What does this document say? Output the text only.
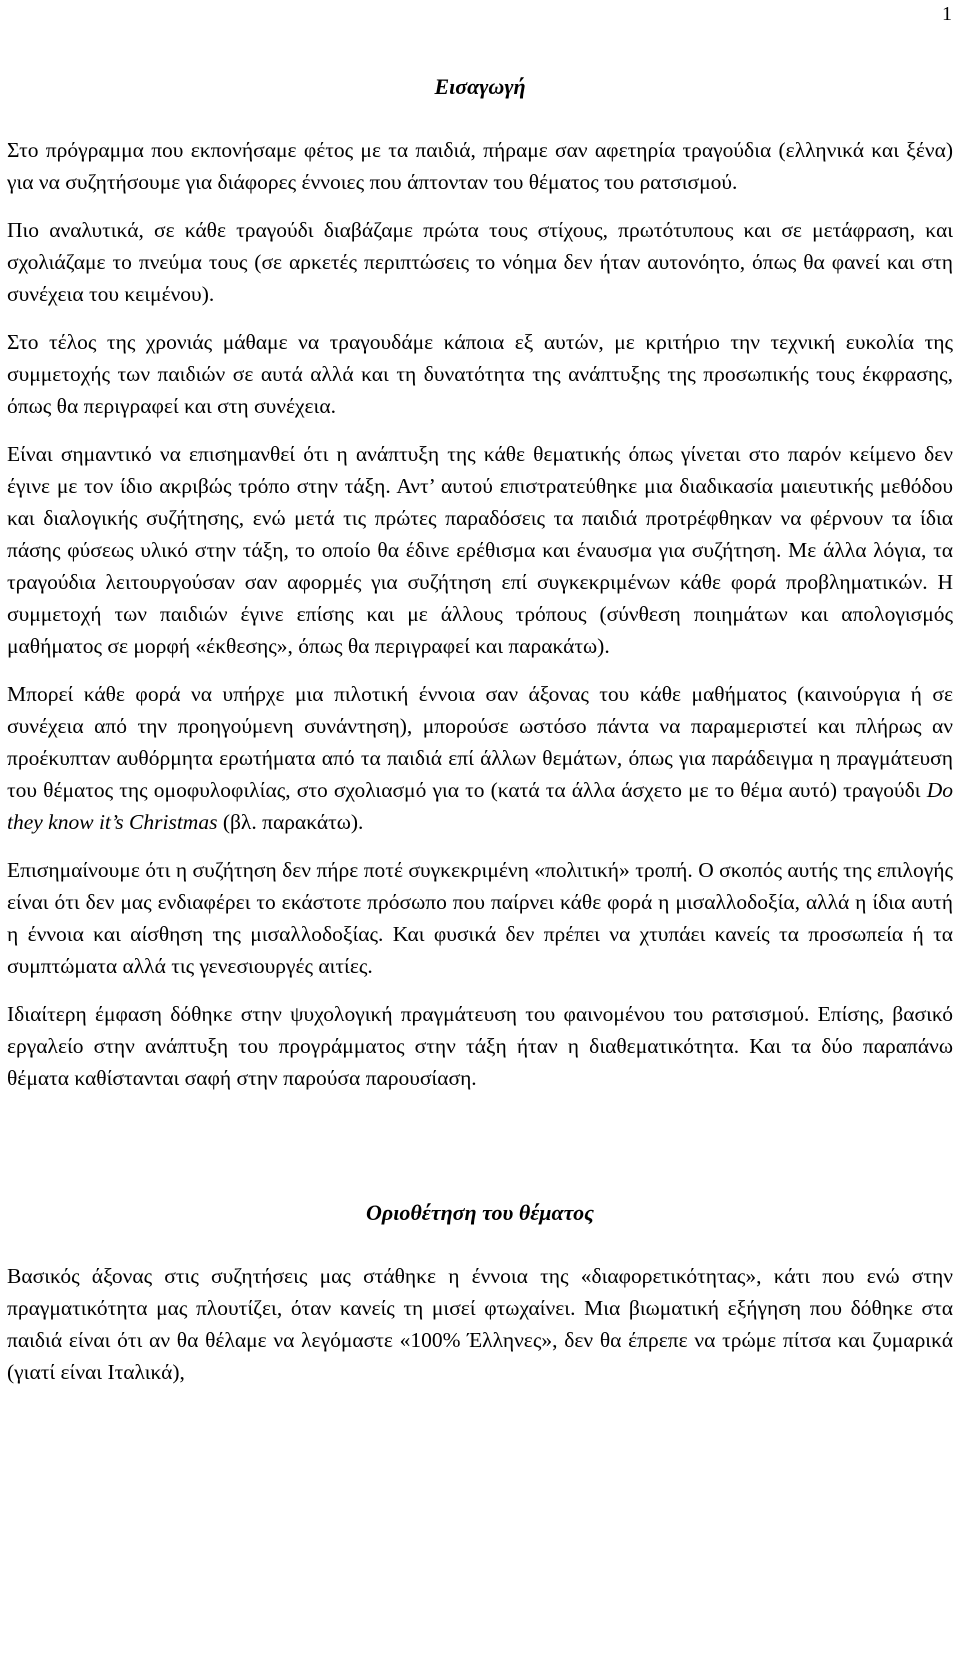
1
Εισαγωγή

Στο πρόγραμμα που εκπονήσαμε φέτος με τα παιδιά, πήραμε σαν αφετηρία τραγούδια (ελληνικά και ξένα) για να συζητήσουμε για διάφορες έννοιες που άπτονταν του θέματος του ρατσισμού.

Πιο αναλυτικά, σε κάθε τραγούδι διαβάζαμε πρώτα τους στίχους, πρωτότυπους και σε μετάφραση, και σχολιάζαμε το πνεύμα τους (σε αρκετές περιπτώσεις το νόημα δεν ήταν αυτονόητο, όπως θα φανεί και στη συνέχεια του κειμένου).

Στο τέλος της χρονιάς μάθαμε να τραγουδάμε κάποια εξ αυτών, με κριτήριο την τεχνική ευκολία της συμμετοχής των παιδιών σε αυτά αλλά και τη δυνατότητα της ανάπτυξης της προσωπικής τους έκφρασης, όπως θα περιγραφεί και στη συνέχεια.

Είναι σημαντικό να επισημανθεί ότι η ανάπτυξη της κάθε θεματικής όπως γίνεται στο παρόν κείμενο δεν έγινε με τον ίδιο ακριβώς τρόπο στην τάξη. Αντ’ αυτού επιστρατεύθηκε μια διαδικασία μαιευτικής μεθόδου και διαλογικής συζήτησης, ενώ μετά τις πρώτες παραδόσεις τα παιδιά προτρέφθηκαν να φέρνουν τα ίδια πάσης φύσεως υλικό στην τάξη, το οποίο θα έδινε ερέθισμα και έναυσμα για συζήτηση. Με άλλα λόγια, τα τραγούδια λειτουργούσαν σαν αφορμές για συζήτηση επί συγκεκριμένων κάθε φορά προβληματικών. Η συμμετοχή των παιδιών έγινε επίσης και με άλλους τρόπους (σύνθεση ποιημάτων και απολογισμός μαθήματος σε μορφή «έκθεσης», όπως θα περιγραφεί και παρακάτω).

Μπορεί κάθε φορά να υπήρχε μια πιλοτική έννοια σαν άξονας του κάθε μαθήματος (καινούργια ή σε συνέχεια από την προηγούμενη συνάντηση), μπορούσε ωστόσο πάντα να παραμεριστεί και πλήρως αν προέκυπταν αυθόρμητα ερωτήματα από τα παιδιά επί άλλων θεμάτων, όπως για παράδειγμα η πραγμάτευση του θέματος της ομοφυλοφιλίας, στο σχολιασμό για το (κατά τα άλλα άσχετο με το θέμα αυτό) τραγούδι Do they know it’s Christmas (βλ. παρακάτω).

Επισημαίνουμε ότι η συζήτηση δεν πήρε ποτέ συγκεκριμένη «πολιτική» τροπή. Ο σκοπός αυτής της επιλογής είναι ότι δεν μας ενδιαφέρει το εκάστοτε πρόσωπο που παίρνει κάθε φορά η μισαλλοδοξία, αλλά η ίδια αυτή η έννοια και αίσθηση της μισαλλοδοξίας. Και φυσικά δεν πρέπει να χτυπάει κανείς τα προσωπεία ή τα συμπτώματα αλλά τις γενεσιουργές αιτίες.

Ιδιαίτερη έμφαση δόθηκε στην ψυχολογική πραγμάτευση του φαινομένου του ρατσισμού. Επίσης, βασικό εργαλείο στην ανάπτυξη του προγράμματος στην τάξη ήταν η διαθεματικότητα. Και τα δύο παραπάνω θέματα καθίστανται σαφή στην παρούσα παρουσίαση.

Οριοθέτηση του θέματος

Βασικός άξονας στις συζητήσεις μας στάθηκε η έννοια της «διαφορετικότητας», κάτι που ενώ στην πραγματικότητα μας πλουτίζει, όταν κανείς τη μισεί φτωχαίνει. Μια βιωματική εξήγηση που δόθηκε στα παιδιά είναι ότι αν θα θέλαμε να λεγόμαστε «100% Έλληνες», δεν θα έπρεπε να τρώμε πίτσα και ζυμαρικά (γιατί είναι Ιταλικά),
